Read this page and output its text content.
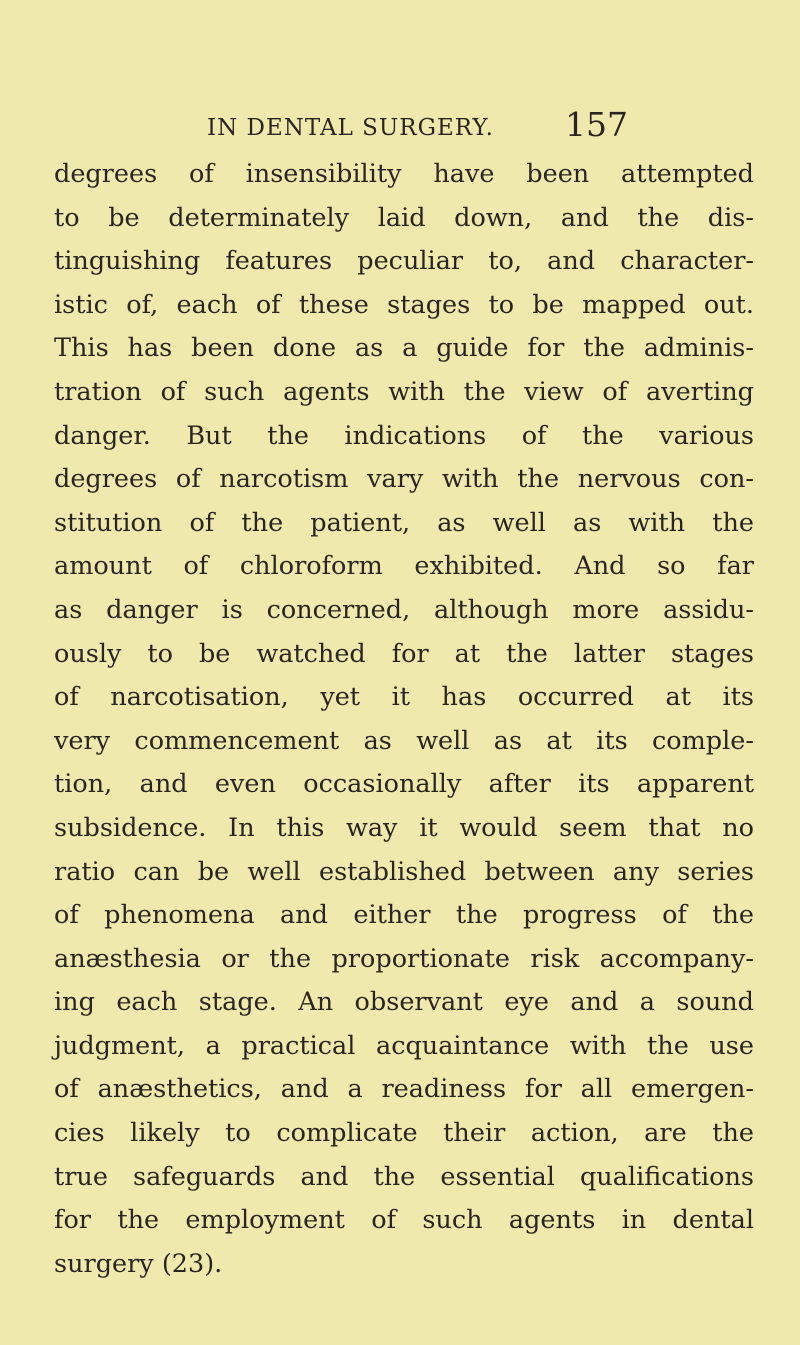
IN DENTAL SURGERY. 157
degrees of insensibility have been attempted
to be determinately laid down, and the dis-
tinguishing features peculiar to, and character-
istic of, each of these stages to be mapped out.
This has been done as a guide for the adminis-
tration of such agents with the view of averting
danger. But the indications of the various
degrees of narcotism vary with the nervous con-
stitution of the patient, as well as with the
amount of chloroform exhibited. And so far
as danger is concerned, although more assidu-
ously to be watched for at the latter stages
of narcotisation, yet it has occurred at its
very commencement as well as at its comple-
tion, and even occasionally after its apparent
subsidence. In this way it would seem that no
ratio can be well established between any series
of phenomena and either the progress of the
anæsthesia or the proportionate risk accompany-
ing each stage. An observant eye and a sound
judgment, a practical acquaintance with the use
of anæsthetics, and a readiness for all emergen-
cies likely to complicate their action, are the
true safeguards and the essential qualifications
for the employment of such agents in dental
surgery (23).
